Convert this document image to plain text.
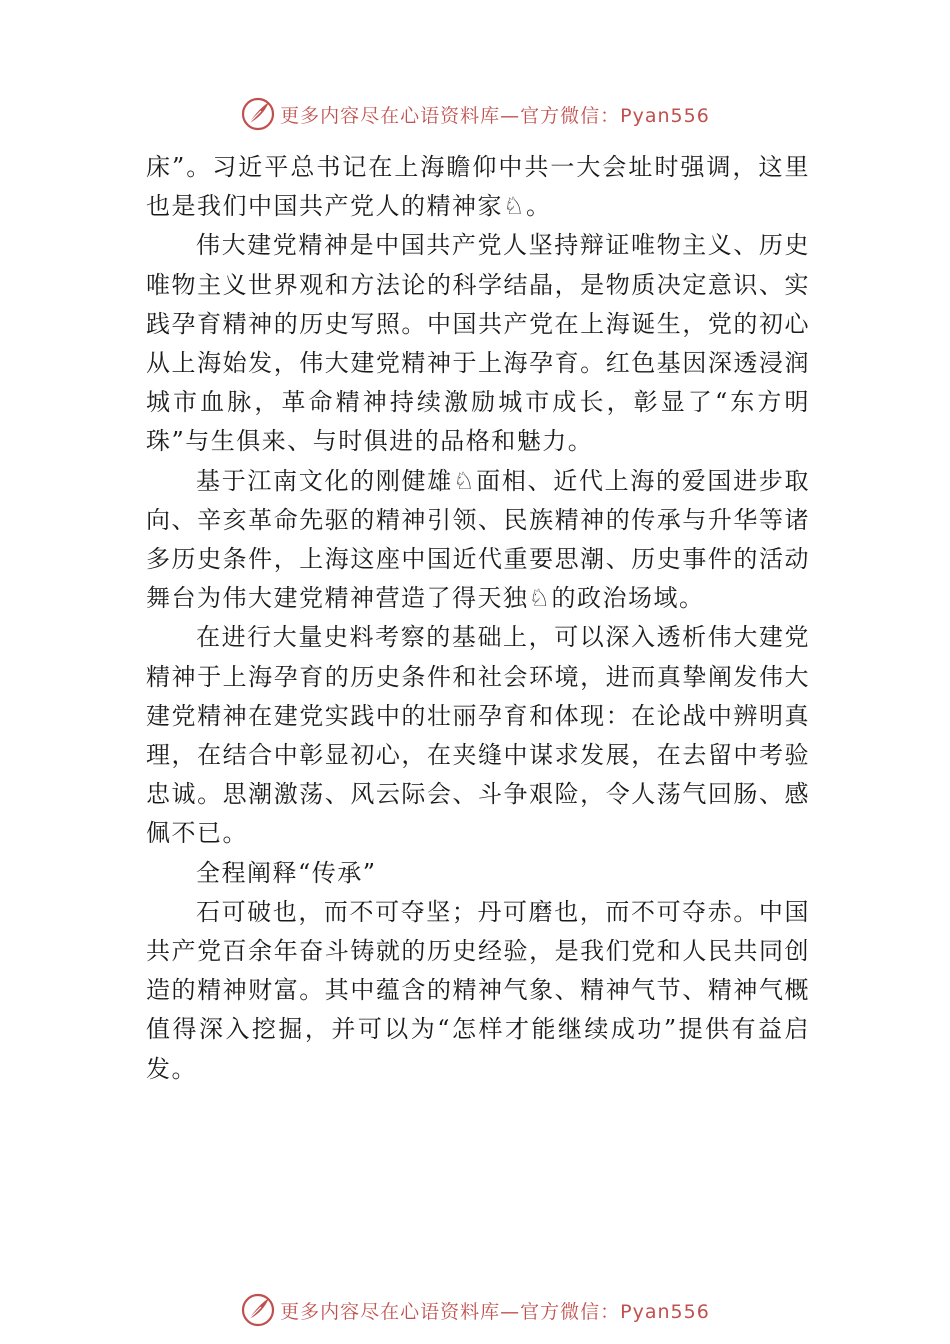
更多内容尽在心语资料库—官方微信：Pyan556

床”。习近平总书记在上海瞻仰中共一大会址时强调，这里也是我们中国共产党人的精神家♘。

伟大建党精神是中国共产党人坚持辩证唯物主义、历史唯物主义世界观和方法论的科学结晶，是物质决定意识、实践孕育精神的历史写照。中国共产党在上海诞生，党的初心从上海始发，伟大建党精神于上海孕育。红色基因深透浸润城市血脉，革命精神持续激励城市成长，彰显了“东方明珠”与生俱来、与时俱进的品格和魅力。

基于江南文化的刚健雄♘面相、近代上海的爱国进步取向、辛亥革命先驱的精神引领、民族精神的传承与升华等诸多历史条件，上海这座中国近代重要思潮、历史事件的活动舞台为伟大建党精神营造了得天独♘的政治场域。

在进行大量史料考察的基础上，可以深入透析伟大建党精神于上海孕育的历史条件和社会环境，进而真挚阐发伟大建党精神在建党实践中的壮丽孕育和体现：在论战中辨明真理，在结合中彰显初心，在夹缝中谋求发展，在去留中考验忠诚。思潮激荡、风云际会、斗争艰险，令人荡气回肠、感佩不已。

全程阐释“传承”

石可破也，而不可夺坚；丹可磨也，而不可夺赤。中国共产党百余年奋斗铸就的历史经验，是我们党和人民共同创造的精神财富。其中蕴含的精神气象、精神气节、精神气概值得深入挖掘，并可以为“怎样才能继续成功”提供有益启发。

更多内容尽在心语资料库—官方微信：Pyan556
